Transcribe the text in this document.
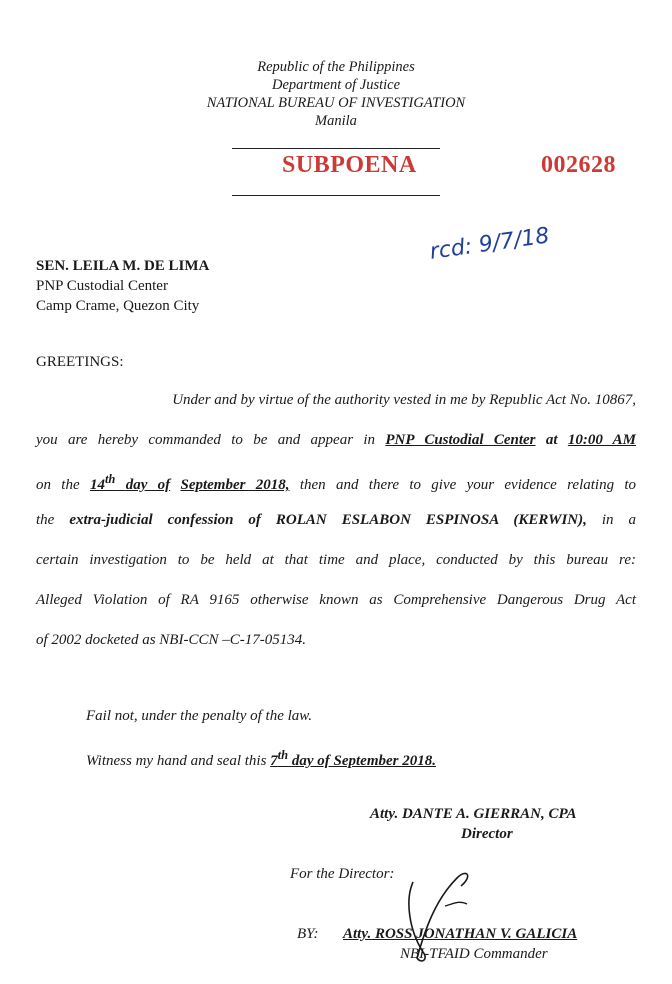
Republic of the Philippines
Department of Justice
NATIONAL BUREAU OF INVESTIGATION
Manila
SUBPOENA	002628
rcd: 9/7/18
SEN. LEILA M. DE LIMA
PNP Custodial Center
Camp Crame, Quezon City
GREETINGS:
Under and by virtue of the authority vested in me by Republic Act No. 10867,
you are hereby commanded to be and appear in PNP Custodial Center at 10:00 AM
on the 14th day of September 2018, then and there to give your evidence relating to
the extra-judicial confession of ROLAN ESLABON ESPINOSA (KERWIN), in a
certain investigation to be held at that time and place, conducted by this bureau re:
Alleged Violation of RA 9165 otherwise known as Comprehensive Dangerous Drug Act
of 2002 docketed as NBI-CCN –C-17-05134.
Fail not, under the penalty of the law.
Witness my hand and seal this 7th day of September 2018.
Atty. DANTE A. GIERRAN, CPA
Director
For the Director:
BY: Atty. ROSS JONATHAN V. GALICIA
NBI-TFAID Commander
